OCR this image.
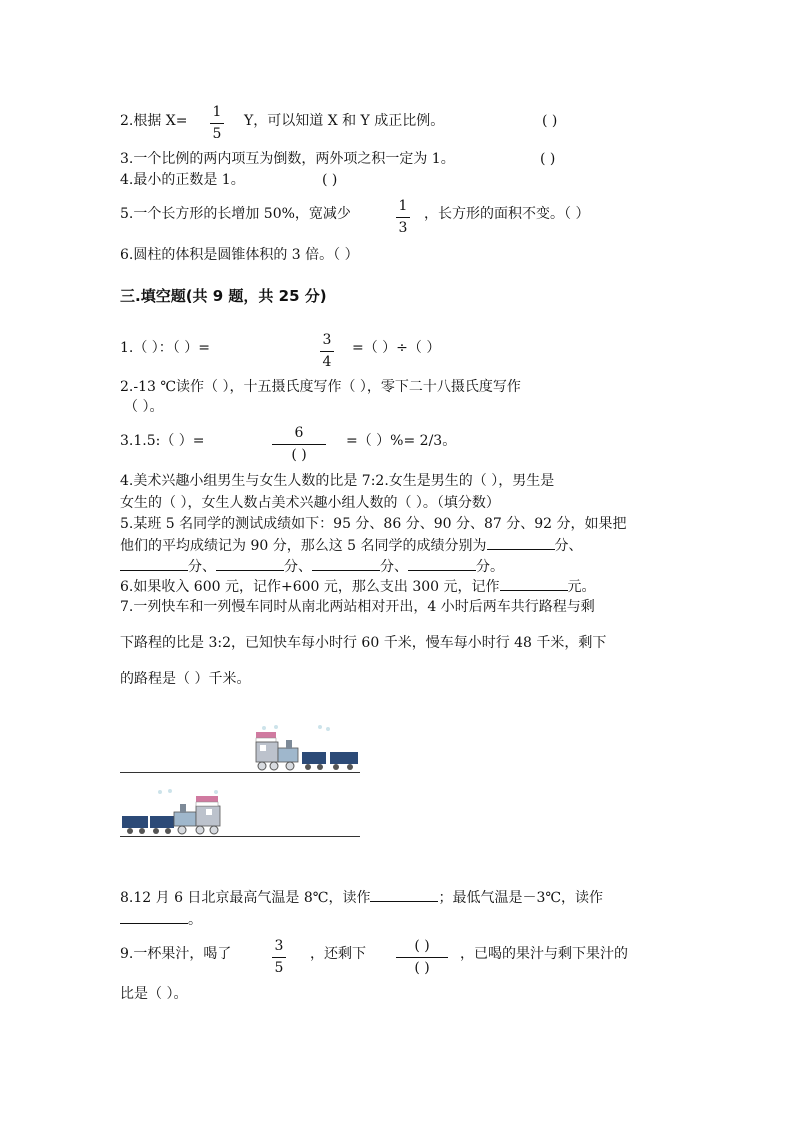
2.根据 X=
1
5
Y，可以知道 X 和 Y 成正比例。	( )
3.一个比例的两内项互为倒数，两外项之积一定为 1。	( )
4.最小的正数是 1。	( )
5.一个长方形的长增加 50%，宽减少	1
3
，长方形的面积不变。（ ）
6.圆柱的体积是圆锥体积的 3 倍。（ ）
三.填空题(共 9 题，共 25 分)
1.（ ）：（ ）=	3
4
=（ ）÷（ ）
2.-13 ℃读作（ ），十五摄氏度写作（ ），零下二十八摄氏度写作
（ ）。
3.1.5:（ ）=	6
( )
=（ ）%= 2/3。
4.美术兴趣小组男生与女生人数的比是 7:2.女生是男生的（ ），男生是
女生的（ ），女生人数占美术兴趣小组人数的（ ）。（填分数）
5.某班 5 名同学的测试成绩如下：95 分、86 分、90 分、87 分、92 分，如果把
他们的平均成绩记为 90 分，那么这 5 名同学的成绩分别为	分、
分、	分、	分、	分。
6.如果收入 600 元，记作+600 元，那么支出 300 元，记作	元。
7.一列快车和一列慢车同时从南北两站相对开出，4 小时后两车共行路程与剩
下路程的比是 3:2，已知快车每小时行 60 千米，慢车每小时行 48 千米，剩下
的路程是（ ）千米。
8.12 月 6 日北京最高气温是 8℃，读作	；最低气温是－3℃，读作
。
9.一杯果汁，喝了	3
5
，还剩下	( )
( )
，已喝的果汁与剩下果汁的
比是（ ）。
